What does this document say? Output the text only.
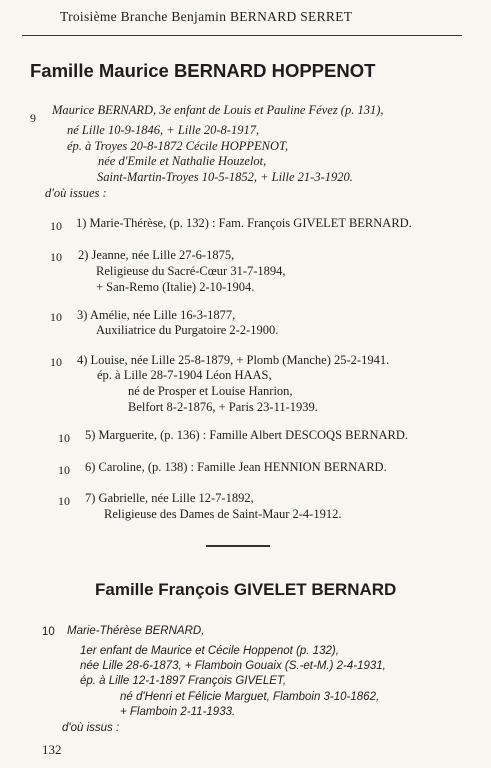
Troisième Branche Benjamin BERNARD SERRET
Famille Maurice BERNARD HOPPENOT
9
Maurice BERNARD, 3e enfant de Louis et Pauline Févez (p. 131),
né Lille 10-9-1846, + Lille 20-8-1917,
ép. à Troyes 20-8-1872 Cécile HOPPENOT,
née d'Emile et Nathalie Houzelot,
Saint-Martin-Troyes 10-5-1852, + Lille 21-3-1920.
d'où issues :
10 1) Marie-Thérèse, (p. 132) : Fam. François GIVELET BERNARD.
10 2) Jeanne, née Lille 27-6-1875,
Religieuse du Sacré-Cœur 31-7-1894,
+ San-Remo (Italie) 2-10-1904.
10 3) Amélie, née Lille 16-3-1877,
Auxiliatrice du Purgatoire 2-2-1900.
10 4) Louise, née Lille 25-8-1879, + Plomb (Manche) 25-2-1941.
ép. à Lille 28-7-1904 Léon HAAS,
né de Prosper et Louise Hanrion,
Belfort 8-2-1876, + Paris 23-11-1939.
10 5) Marguerite, (p. 136) : Famille Albert DESCOQS BERNARD.
10 6) Caroline, (p. 138) : Famille Jean HENNION BERNARD.
10 7) Gabrielle, née Lille 12-7-1892,
Religieuse des Dames de Saint-Maur 2-4-1912.
Famille François GIVELET BERNARD
10 Marie-Thérèse BERNARD,
1er enfant de Maurice et Cécile Hoppenot (p. 132),
née Lille 28-6-1873, + Flamboin Gouaix (S.-et-M.) 2-4-1931,
ép. à Lille 12-1-1897 François GIVELET,
né d'Henri et Félicie Marguet, Flamboin 3-10-1862,
+ Flamboin 2-11-1933.
d'où issus :
132
